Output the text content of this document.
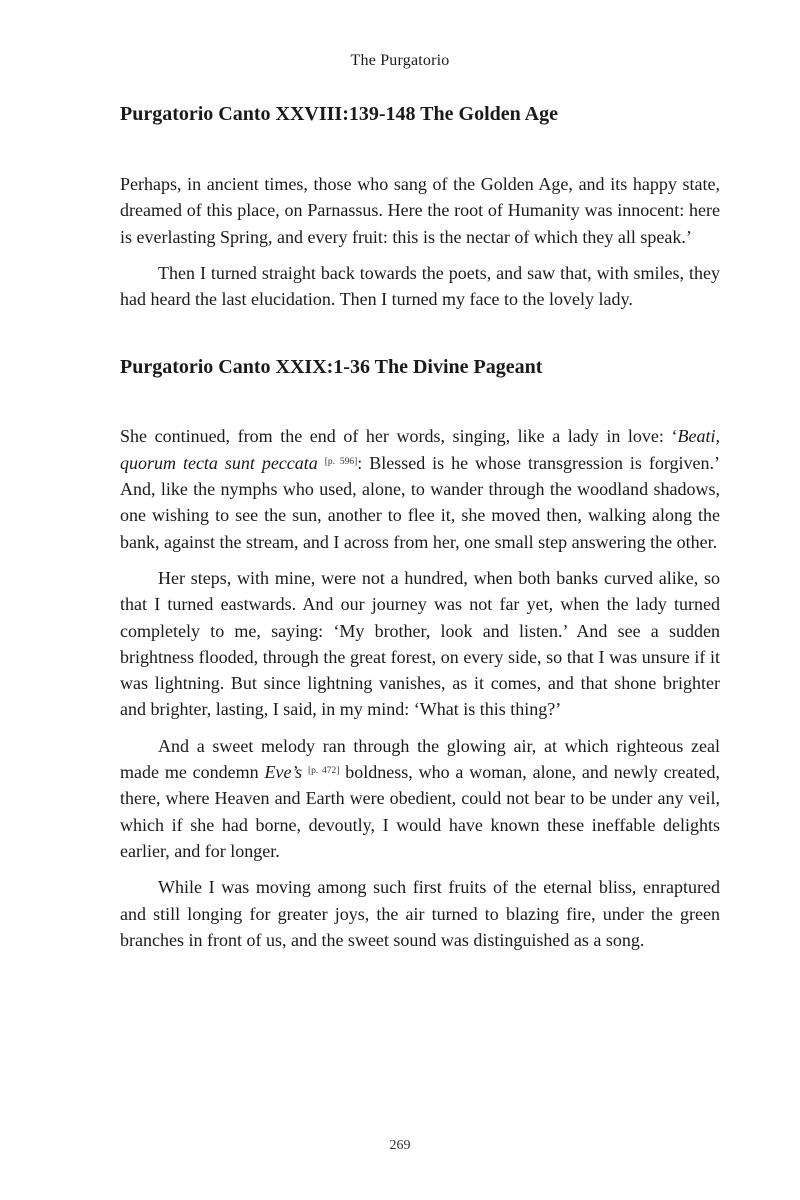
The Purgatorio
Purgatorio Canto XXVIII:139-148 The Golden Age

Perhaps, in ancient times, those who sang of the Golden Age, and its happy state, dreamed of this place, on Parnassus. Here the root of Humanity was innocent: here is everlasting Spring, and every fruit: this is the nectar of which they all speak.’

Then I turned straight back towards the poets, and saw that, with smiles, they had heard the last elucidation. Then I turned my face to the lovely lady.

Purgatorio Canto XXIX:1-36 The Divine Pageant

She continued, from the end of her words, singing, like a lady in love: ‘Beati, quorum tecta sunt peccata [p. 596]: Blessed is he whose transgression is forgiven.’ And, like the nymphs who used, alone, to wander through the woodland shadows, one wishing to see the sun, another to flee it, she moved then, walking along the bank, against the stream, and I across from her, one small step answering the other.

Her steps, with mine, were not a hundred, when both banks curved alike, so that I turned eastwards. And our journey was not far yet, when the lady turned completely to me, saying: ‘My brother, look and listen.’ And see a sudden brightness flooded, through the great forest, on every side, so that I was unsure if it was lightning. But since lightning vanishes, as it comes, and that shone brighter and brighter, lasting, I said, in my mind: ‘What is this thing?’

And a sweet melody ran through the glowing air, at which righteous zeal made me condemn Eve’s [p. 472] boldness, who a woman, alone, and newly created, there, where Heaven and Earth were obedient, could not bear to be under any veil, which if she had borne, devoutly, I would have known these ineffable delights earlier, and for longer.

While I was moving among such first fruits of the eternal bliss, enraptured and still longing for greater joys, the air turned to blazing fire, under the green branches in front of us, and the sweet sound was distinguished as a song.

269
